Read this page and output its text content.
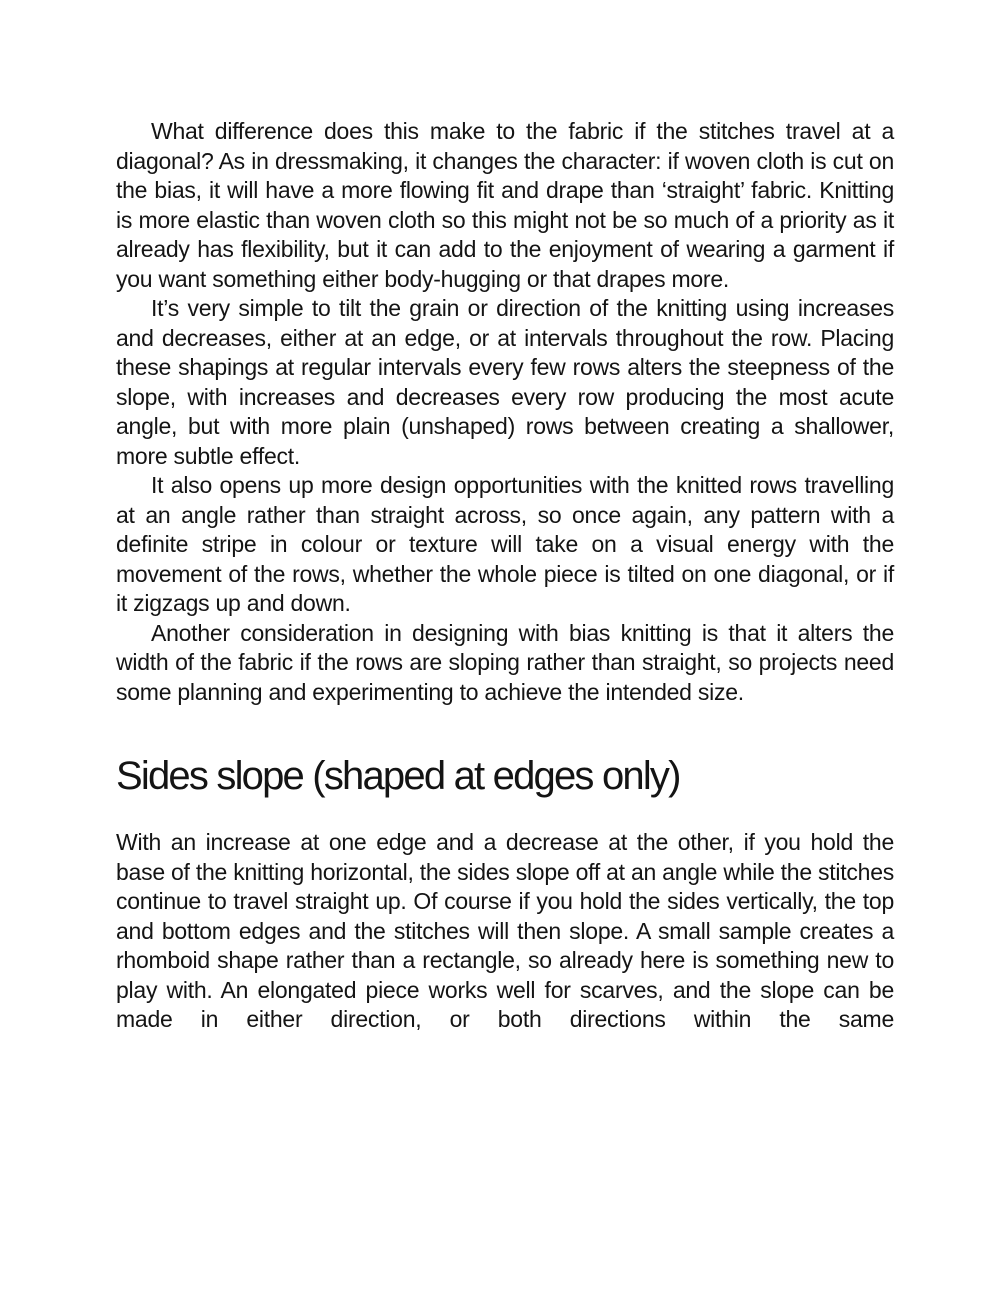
What difference does this make to the fabric if the stitches travel at a diagonal? As in dressmaking, it changes the character: if woven cloth is cut on the bias, it will have a more flowing fit and drape than ‘straight’ fabric. Knitting is more elastic than woven cloth so this might not be so much of a priority as it already has flexibility, but it can add to the enjoyment of wearing a garment if you want something either body-hugging or that drapes more.

It’s very simple to tilt the grain or direction of the knitting using increases and decreases, either at an edge, or at intervals throughout the row. Placing these shapings at regular intervals every few rows alters the steepness of the slope, with increases and decreases every row producing the most acute angle, but with more plain (unshaped) rows between creating a shallower, more subtle effect.

It also opens up more design opportunities with the knitted rows travelling at an angle rather than straight across, so once again, any pattern with a definite stripe in colour or texture will take on a visual energy with the movement of the rows, whether the whole piece is tilted on one diagonal, or if it zigzags up and down.

Another consideration in designing with bias knitting is that it alters the width of the fabric if the rows are sloping rather than straight, so projects need some planning and experimenting to achieve the intended size.

Sides slope (shaped at edges only)

With an increase at one edge and a decrease at the other, if you hold the base of the knitting horizontal, the sides slope off at an angle while the stitches continue to travel straight up. Of course if you hold the sides vertically, the top and bottom edges and the stitches will then slope. A small sample creates a rhomboid shape rather than a rectangle, so already here is something new to play with. An elongated piece works well for scarves, and the slope can be made in either direction, or both directions within the same
